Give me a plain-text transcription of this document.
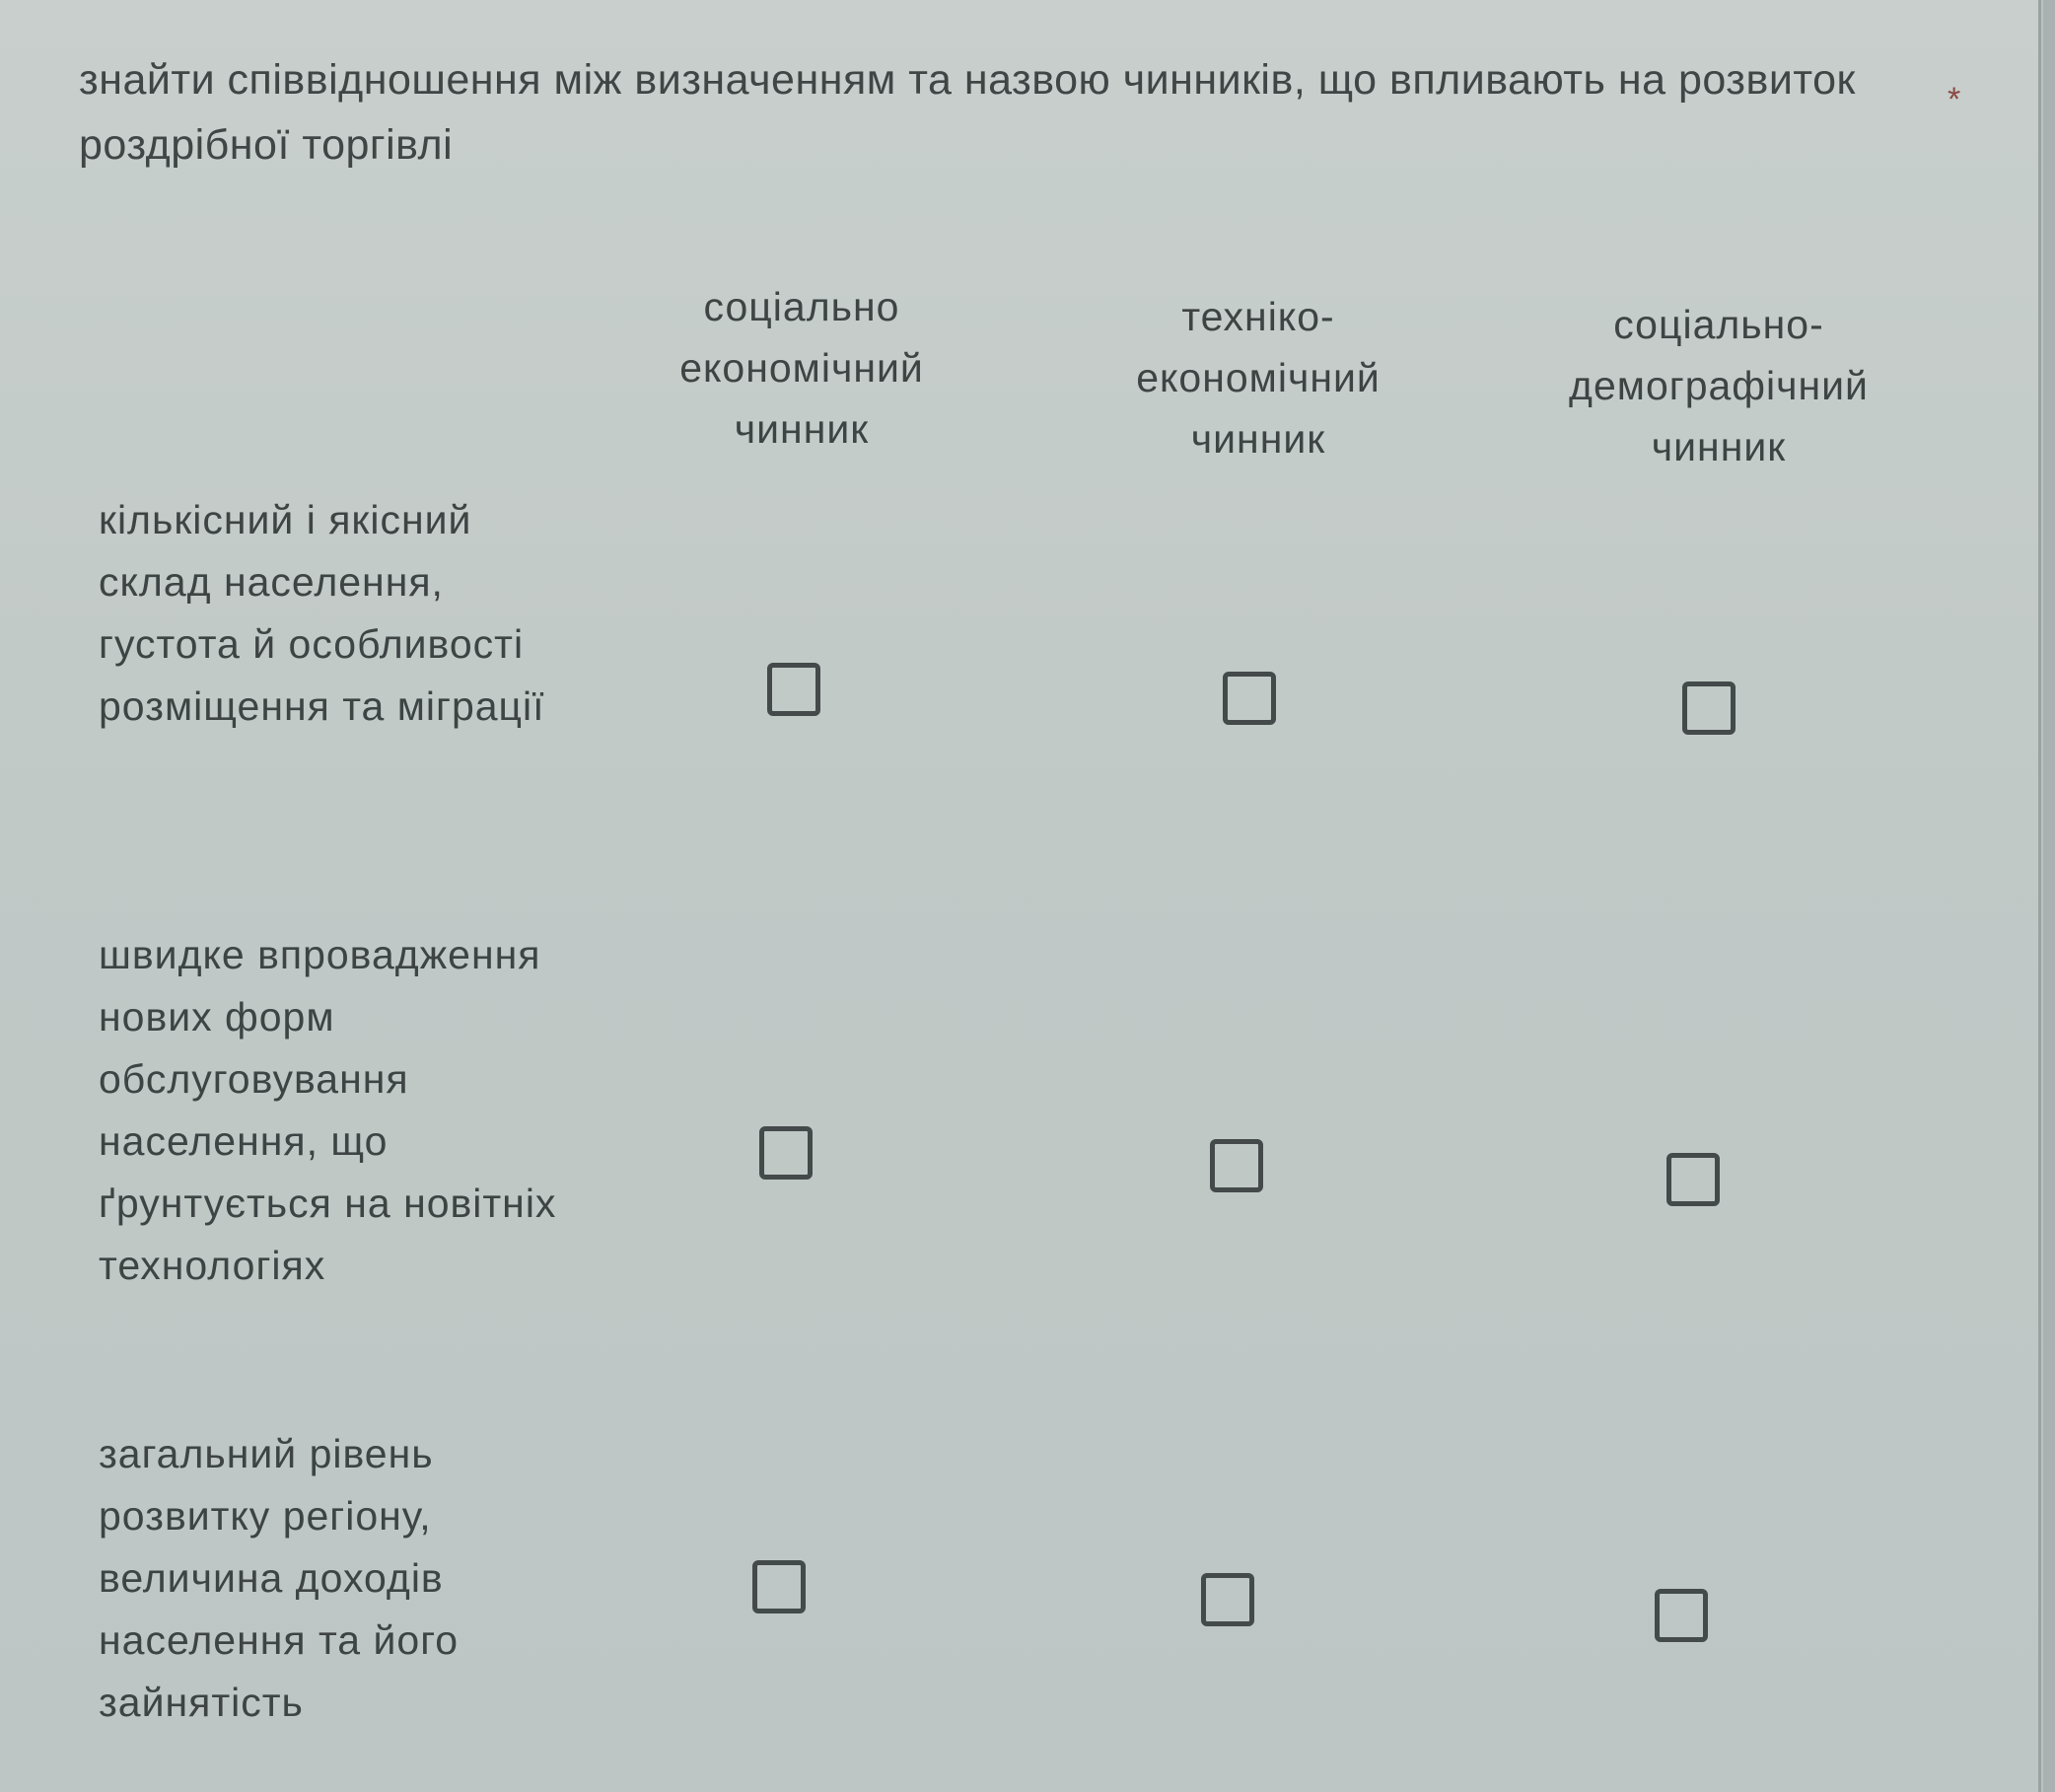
знайти співвідношення між визначенням та назвою чинників, що впливають на розвиток роздрібної торгівлі
*
соціально економічний чинник
техніко-економічний чинник
соціально-демографічний чинник
кількісний і якісний склад населення, густота й особливості розміщення та міграції
швидке впровадження нових форм обслуговування населення, що ґрунтується на новітніх технологіях
загальний рівень розвитку регіону, величина доходів населення та його зайнятість
